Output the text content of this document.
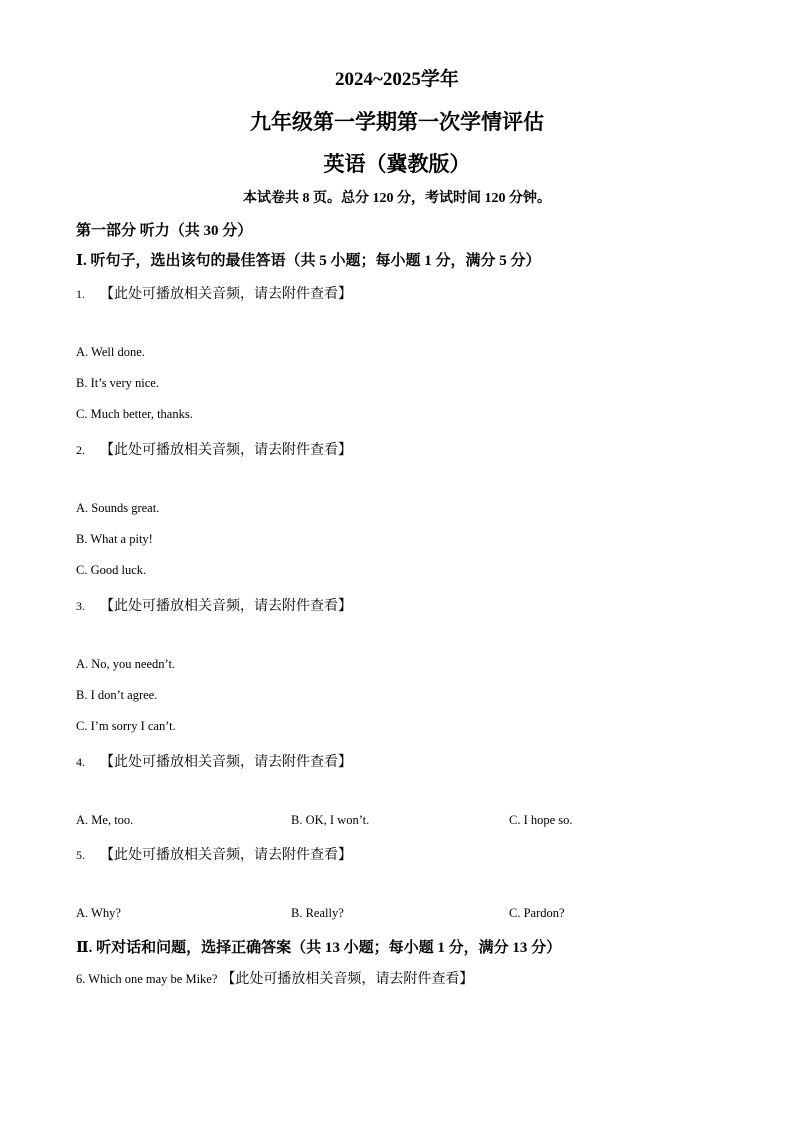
2024~2025学年
九年级第一学期第一次学情评估
英语（冀教版）
本试卷共 8 页。总分 120 分，考试时间 120 分钟。
第一部分 听力（共 30 分）
Ⅰ. 听句子，选出该句的最佳答语（共 5 小题；每小题 1 分，满分 5 分）
1. 【此处可播放相关音频，请去附件查看】
A. Well done.
B. It’s very nice.
C. Much better, thanks.
2. 【此处可播放相关音频，请去附件查看】
A. Sounds great.
B. What a pity!
C. Good luck.
3. 【此处可播放相关音频，请去附件查看】
A. No, you needn’t.
B. I don’t agree.
C. I’m sorry I can’t.
4. 【此处可播放相关音频，请去附件查看】
A. Me, too.	B. OK, I won’t.	C. I hope so.
5. 【此处可播放相关音频，请去附件查看】
A. Why?	B. Really?	C. Pardon?
Ⅱ. 听对话和问题，选择正确答案（共 13 小题；每小题 1 分，满分 13 分）
6. Which one may be Mike? 【此处可播放相关音频，请去附件查看】
